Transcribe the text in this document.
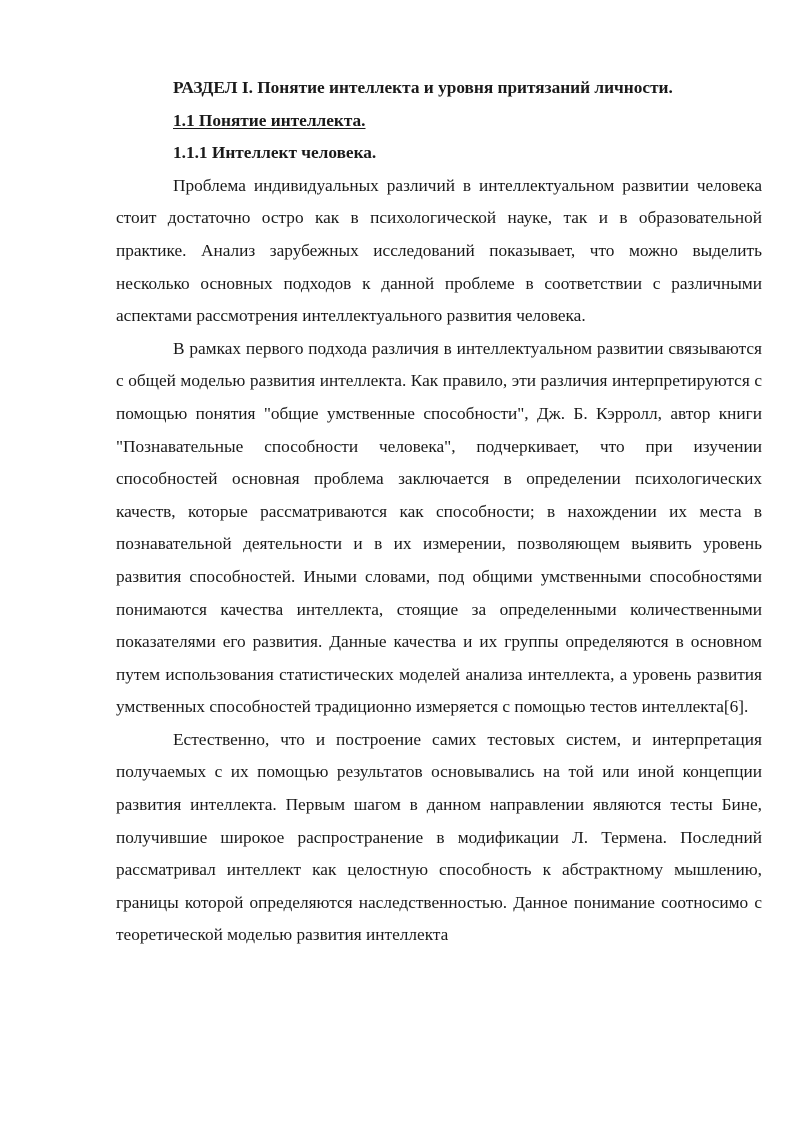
РАЗДЕЛ I. Понятие интеллекта и уровня притязаний личности.

1.1 Понятие интеллекта.

1.1.1 Интеллект человека.

Проблема индивидуальных различий в интеллектуальном развитии человека стоит достаточно остро как в психологической науке, так и в образовательной практике. Анализ зарубежных исследований показывает, что можно выделить несколько основных подходов к данной проблеме в соответствии с различными аспектами рассмотрения интеллектуального развития человека.

В рамках первого подхода различия в интеллектуальном развитии связываются с общей моделью развития интеллекта. Как правило, эти различия интерпретируются с помощью понятия "общие умственные способности", Дж. Б. Кэрролл, автор книги "Познавательные способности человека", подчеркивает, что при изучении способностей основная проблема заключается в определении психологических качеств, которые рассматриваются как способности; в нахождении их места в познавательной деятельности и в их измерении, позволяющем выявить уровень развития способностей. Иными словами, под общими умственными способностями понимаются качества интеллекта, стоящие за определенными количественными показателями его развития. Данные качества и их группы определяются в основном путем использования статистических моделей анализа интеллекта, а уровень развития умственных способностей традиционно измеряется с помощью тестов интеллекта[6].

Естественно, что и построение самих тестовых систем, и интерпретация получаемых с их помощью результатов основывались на той или иной концепции развития интеллекта. Первым шагом в данном направлении являются тесты Бине, получившие широкое распространение в модификации Л. Термена. Последний рассматривал интеллект как целостную способность к абстрактному мышлению, границы которой определяются наследственностью. Данное понимание соотносимо с теоретической моделью развития интеллекта
